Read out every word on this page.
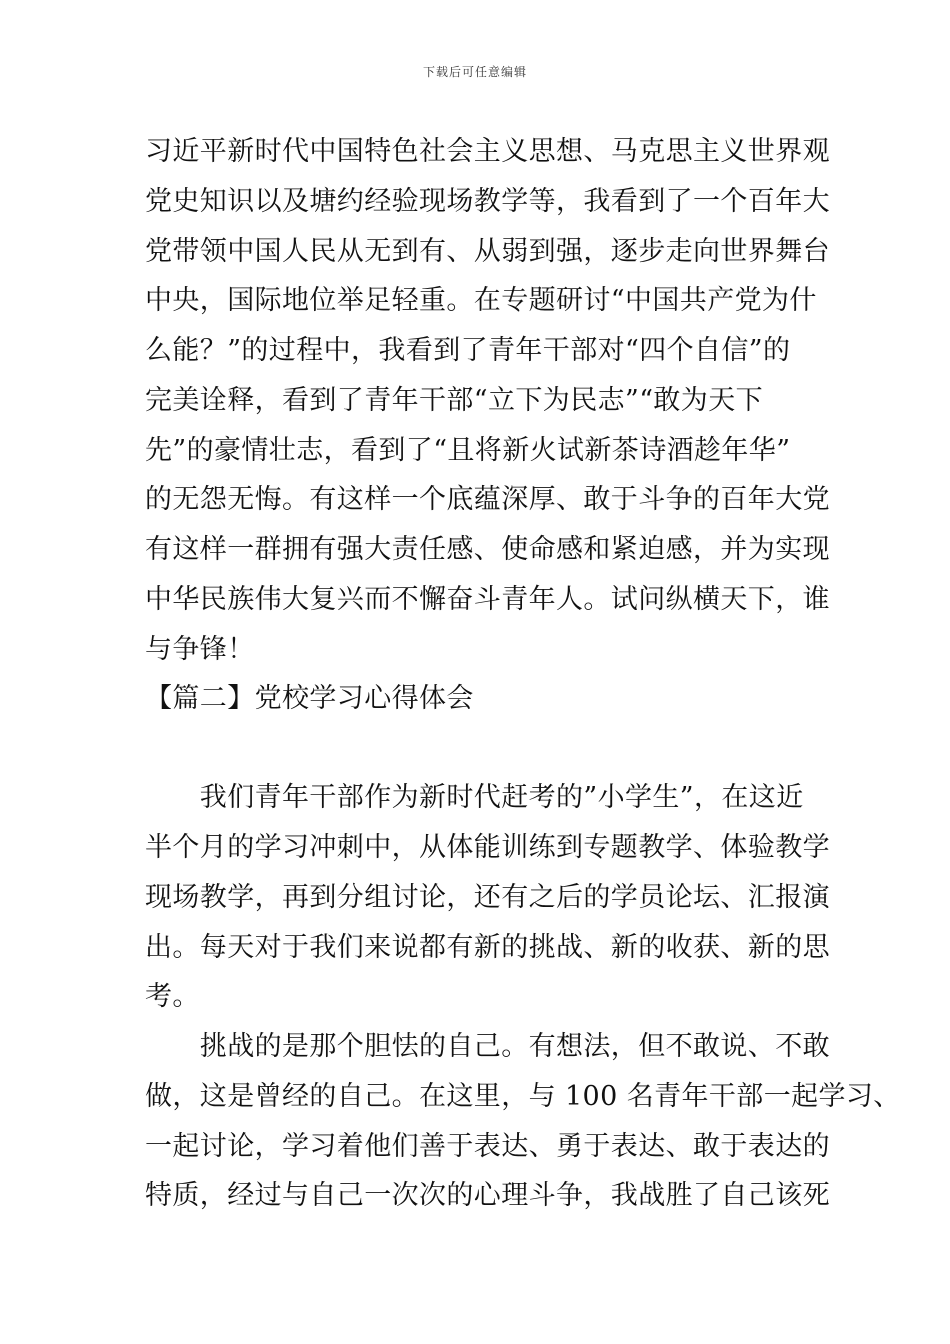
下载后可任意编辑
习近平新时代中国特色社会主义思想、马克思主义世界观
党史知识以及塘约经验现场教学等，我看到了一个百年大
党带领中国人民从无到有、从弱到强，逐步走向世界舞台
中央，国际地位举足轻重。在专题研讨“中国共产党为什
么能？”的过程中，我看到了青年干部对“四个自信”的
完美诠释，看到了青年干部“立下为民志”“敢为天下
先”的豪情壮志，看到了“且将新火试新茶诗酒趁年华”
的无怨无悔。有这样一个底蕴深厚、敢于斗争的百年大党
有这样一群拥有强大责任感、使命感和紧迫感，并为实现
中华民族伟大复兴而不懈奋斗青年人。试问纵横天下，谁
与争锋！
【篇二】党校学习心得体会
　　我们青年干部作为新时代赶考的”小学生”，在这近
半个月的学习冲刺中，从体能训练到专题教学、体验教学
现场教学，再到分组讨论，还有之后的学员论坛、汇报演
出。每天对于我们来说都有新的挑战、新的收获、新的思
考。
　　挑战的是那个胆怯的自己。有想法，但不敢说、不敢
做，这是曾经的自己。在这里，与 100 名青年干部一起学习、
一起讨论，学习着他们善于表达、勇于表达、敢于表达的
特质，经过与自己一次次的心理斗争，我战胜了自己该死
